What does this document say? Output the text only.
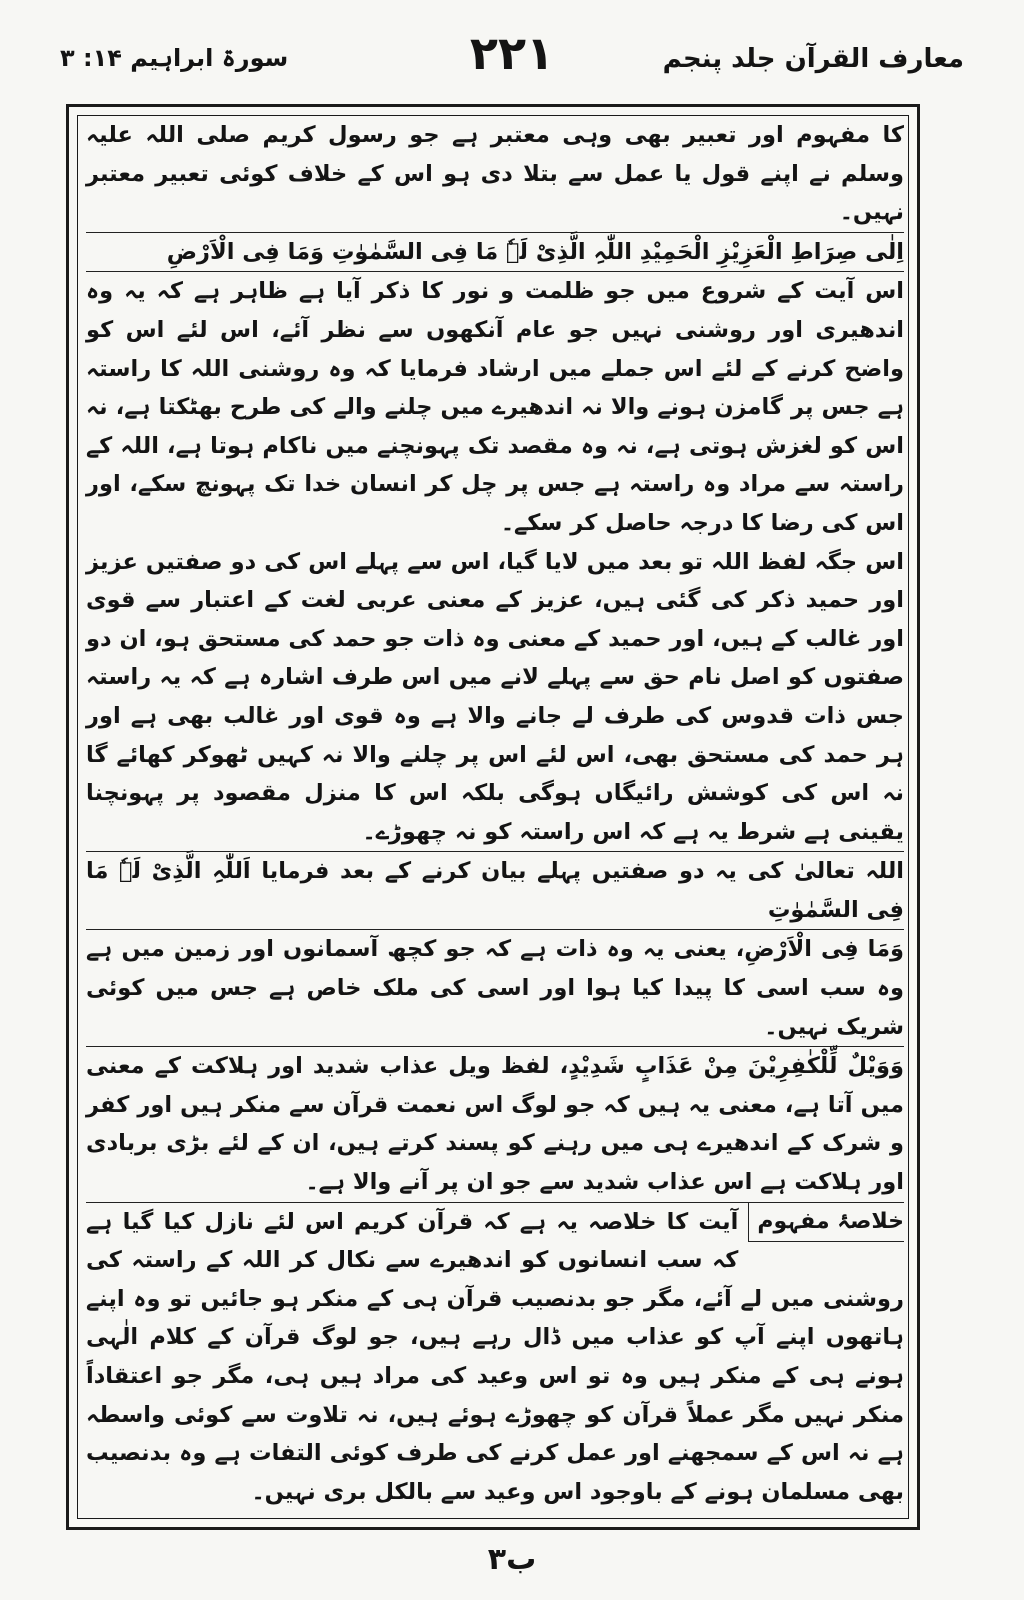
معارف القرآن جلد پنجم
۲۲۱
سورۃ ابراہیم ۱۴: ۳

کا مفہوم اور تعبیر بھی وہی معتبر ہے جو رسول کریم صلی اللہ علیہ وسلم نے اپنے قول یا عمل سے بتلا دی ہو اس کے خلاف کوئی تعبیر معتبر نہیں۔

اِلٰی صِرَاطِ الْعَزِیْزِ الْحَمِیْدِ اللّٰہِ الَّذِیْ لَہٗ مَا فِی السَّمٰوٰتِ وَمَا فِی الْاَرْضِ

اس آیت کے شروع میں جو ظلمت و نور کا ذکر آیا ہے ظاہر ہے کہ یہ وہ اندھیری اور روشنی نہیں جو عام آنکھوں سے نظر آئے، اس لئے اس کو واضح کرنے کے لئے اس جملے میں ارشاد فرمایا کہ وہ روشنی اللہ کا راستہ ہے جس پر گامزن ہونے والا نہ اندھیرے میں چلنے والے کی طرح بھٹکتا ہے، نہ اس کو لغزش ہوتی ہے، نہ وہ مقصد تک پہونچنے میں ناکام ہوتا ہے، اللہ کے راستہ سے مراد وہ راستہ ہے جس پر چل کر انسان خدا تک پہونچ سکے، اور اس کی رضا کا درجہ حاصل کر سکے۔

اس جگہ لفظ اللہ تو بعد میں لایا گیا، اس سے پہلے اس کی دو صفتیں عزیز اور حمید ذکر کی گئی ہیں، عزیز کے معنی عربی لغت کے اعتبار سے قوی اور غالب کے ہیں، اور حمید کے معنی وہ ذات جو حمد کی مستحق ہو، ان دو صفتوں کو اصل نام حق سے پہلے لانے میں اس طرف اشارہ ہے کہ یہ راستہ جس ذات قدوس کی طرف لے جانے والا ہے وہ قوی اور غالب بھی ہے اور ہر حمد کی مستحق بھی، اس لئے اس پر چلنے والا نہ کہیں ٹھوکر کھائے گا نہ اس کی کوشش رائیگاں ہوگی بلکہ اس کا منزل مقصود پر پہونچنا یقینی ہے شرط یہ ہے کہ اس راستہ کو نہ چھوڑے۔

اللہ تعالیٰ کی یہ دو صفتیں پہلے بیان کرنے کے بعد فرمایا اَللّٰہِ الَّذِیْ لَہٗ مَا فِی السَّمٰوٰتِ

وَمَا فِی الْاَرْضِ، یعنی یہ وہ ذات ہے کہ جو کچھ آسمانوں اور زمین میں ہے وہ سب اسی کا پیدا کیا ہوا اور اسی کی ملک خاص ہے جس میں کوئی شریک نہیں۔

وَوَیْلٌ لِّلْکٰفِرِیْنَ مِنْ عَذَابٍ شَدِیْدٍ، لفظ ویل عذاب شدید اور ہلاکت کے معنی میں آتا ہے، معنی یہ ہیں کہ جو لوگ اس نعمت قرآن سے منکر ہیں اور کفر و شرک کے اندھیرے ہی میں رہنے کو پسند کرتے ہیں، ان کے لئے بڑی بربادی اور ہلاکت ہے اس عذاب شدید سے جو ان پر آنے والا ہے۔

خلاصۂ مفہوم
آیت کا خلاصہ یہ ہے کہ قرآن کریم اس لئے نازل کیا گیا ہے کہ سب انسانوں کو اندھیرے سے نکال کر اللہ کے راستہ کی روشنی میں لے آئے، مگر جو بدنصیب قرآن ہی کے منکر ہو جائیں تو وہ اپنے ہاتھوں اپنے آپ کو عذاب میں ڈال رہے ہیں، جو لوگ قرآن کے کلام الٰہی ہونے ہی کے منکر ہیں وہ تو اس وعید کی مراد ہیں ہی، مگر جو اعتقاداً منکر نہیں مگر عملاً قرآن کو چھوڑے ہوئے ہیں، نہ تلاوت سے کوئی واسطہ ہے نہ اس کے سمجھنے اور عمل کرنے کی طرف کوئی التفات ہے وہ بدنصیب بھی مسلمان ہونے کے باوجود اس وعید سے بالکل بری نہیں۔

۳ب
